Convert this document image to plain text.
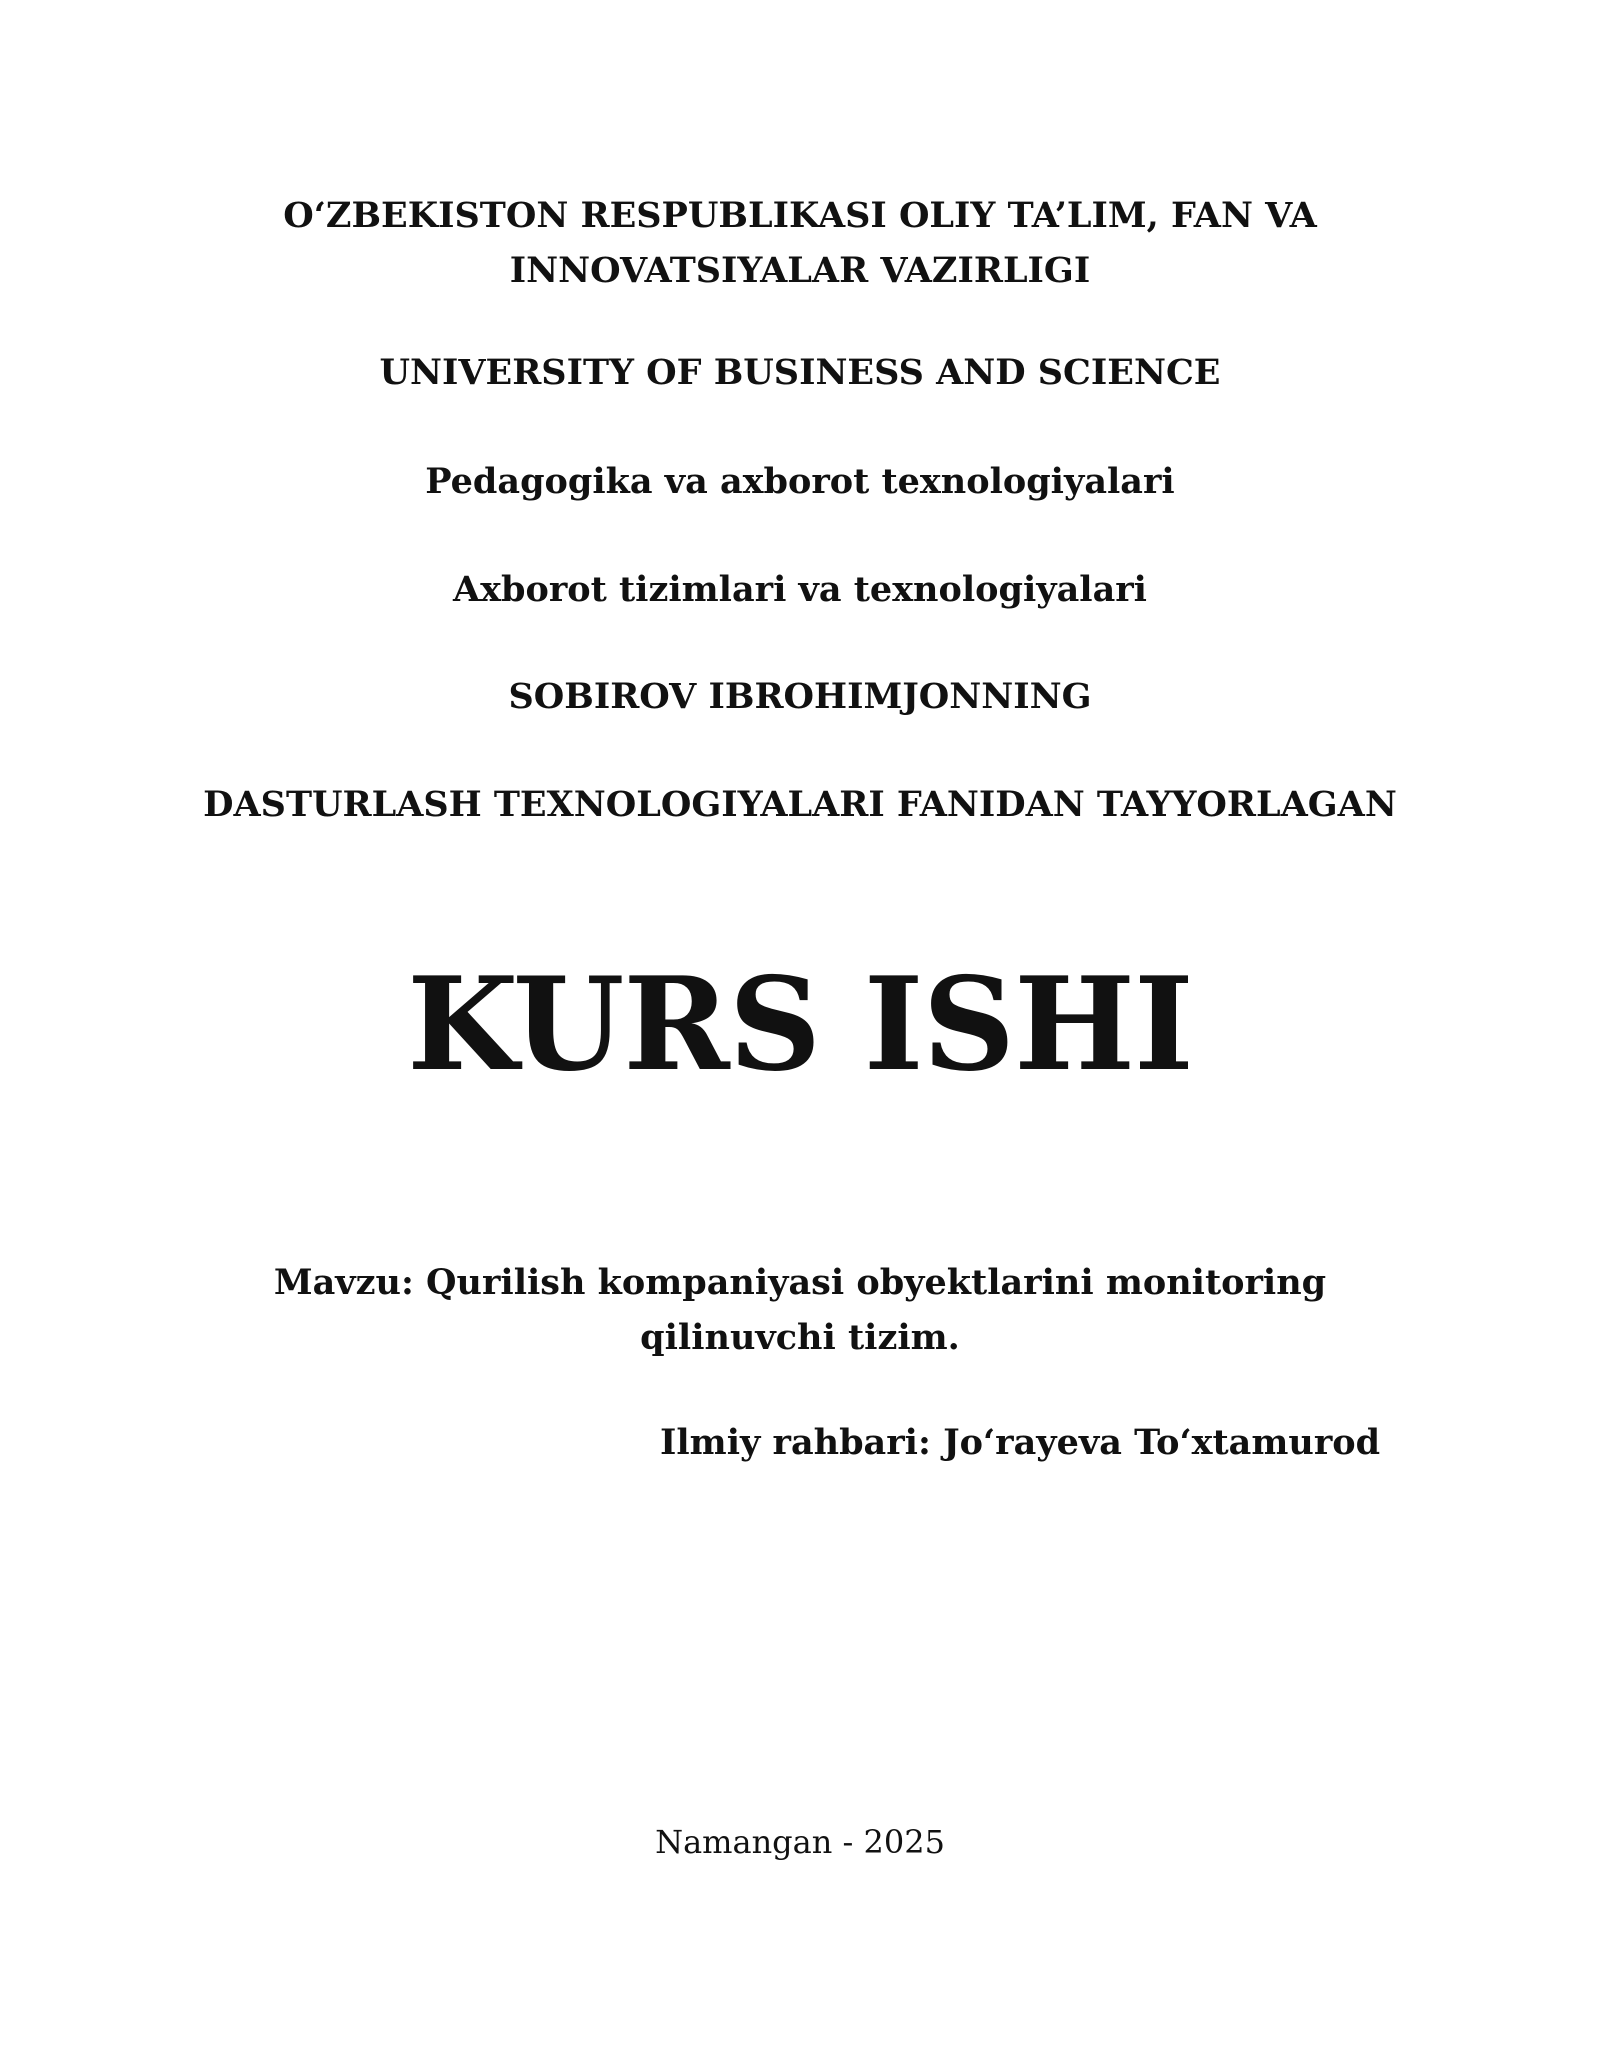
O‘ZBEKISTON RESPUBLIKASI OLIY TA’LIM, FAN VA
INNOVATSIYALAR VAZIRLIGI
UNIVERSITY OF BUSINESS AND SCIENCE
Pedagogika va axborot texnologiyalari
Axborot tizimlari va texnologiyalari
SOBIROV IBROHIMJONNING
DASTURLASH TEXNOLOGIYALARI FANIDAN TAYYORLAGAN
KURS ISHI
Mavzu: Qurilish kompaniyasi obyektlarini monitoring
qilinuvchi tizim.
Ilmiy rahbari: Jo‘rayeva To‘xtamurod
Namangan - 2025
